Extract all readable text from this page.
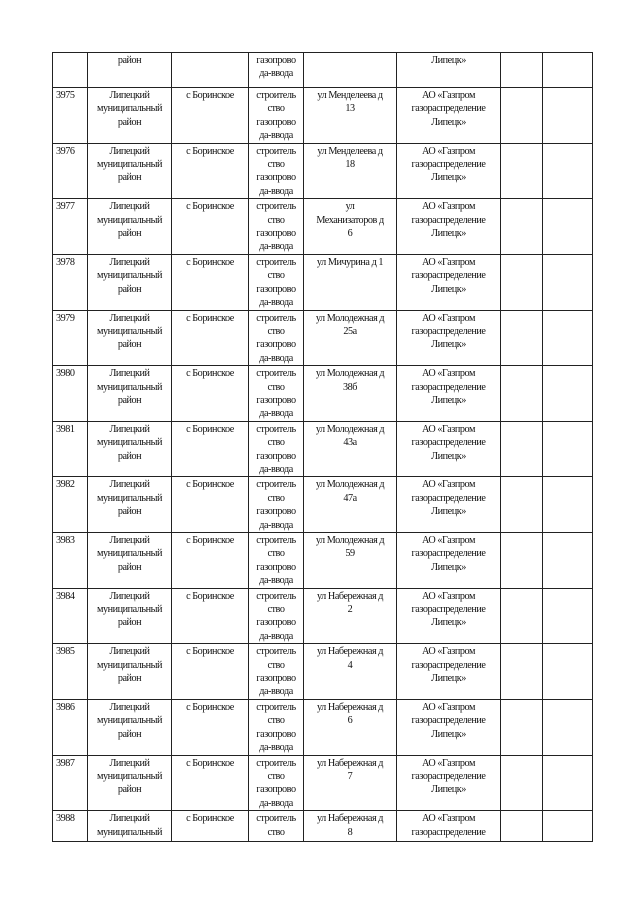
	район		газопрово
да-ввода		Липецк»		
3975	Липецкий
муниципальный
район	с Боринское	строитель
ство
газопрово
да-ввода	ул Менделеева д
13	АО «Газпром
газораспределение
Липецк»		
3976	Липецкий
муниципальный
район	с Боринское	строитель
ство
газопрово
да-ввода	ул Менделеева д
18	АО «Газпром
газораспределение
Липецк»		
3977	Липецкий
муниципальный
район	с Боринское	строитель
ство
газопрово
да-ввода	ул
Механизаторов д
6	АО «Газпром
газораспределение
Липецк»		
3978	Липецкий
муниципальный
район	с Боринское	строитель
ство
газопрово
да-ввода	ул Мичурина д 1	АО «Газпром
газораспределение
Липецк»		
3979	Липецкий
муниципальный
район	с Боринское	строитель
ство
газопрово
да-ввода	ул Молодежная д
25а	АО «Газпром
газораспределение
Липецк»		
3980	Липецкий
муниципальный
район	с Боринское	строитель
ство
газопрово
да-ввода	ул Молодежная д
38б	АО «Газпром
газораспределение
Липецк»		
3981	Липецкий
муниципальный
район	с Боринское	строитель
ство
газопрово
да-ввода	ул Молодежная д
43а	АО «Газпром
газораспределение
Липецк»		
3982	Липецкий
муниципальный
район	с Боринское	строитель
ство
газопрово
да-ввода	ул Молодежная д
47а	АО «Газпром
газораспределение
Липецк»		
3983	Липецкий
муниципальный
район	с Боринское	строитель
ство
газопрово
да-ввода	ул Молодежная д
59	АО «Газпром
газораспределение
Липецк»		
3984	Липецкий
муниципальный
район	с Боринское	строитель
ство
газопрово
да-ввода	ул Набережная д
2	АО «Газпром
газораспределение
Липецк»		
3985	Липецкий
муниципальный
район	с Боринское	строитель
ство
газопрово
да-ввода	ул Набережная д
4	АО «Газпром
газораспределение
Липецк»		
3986	Липецкий
муниципальный
район	с Боринское	строитель
ство
газопрово
да-ввода	ул Набережная д
6	АО «Газпром
газораспределение
Липецк»		
3987	Липецкий
муниципальный
район	с Боринское	строитель
ство
газопрово
да-ввода	ул Набережная д
7	АО «Газпром
газораспределение
Липецк»		
3988	Липецкий
муниципальный	с Боринское	строитель
ство	ул Набережная д
8	АО «Газпром
газораспределение		
